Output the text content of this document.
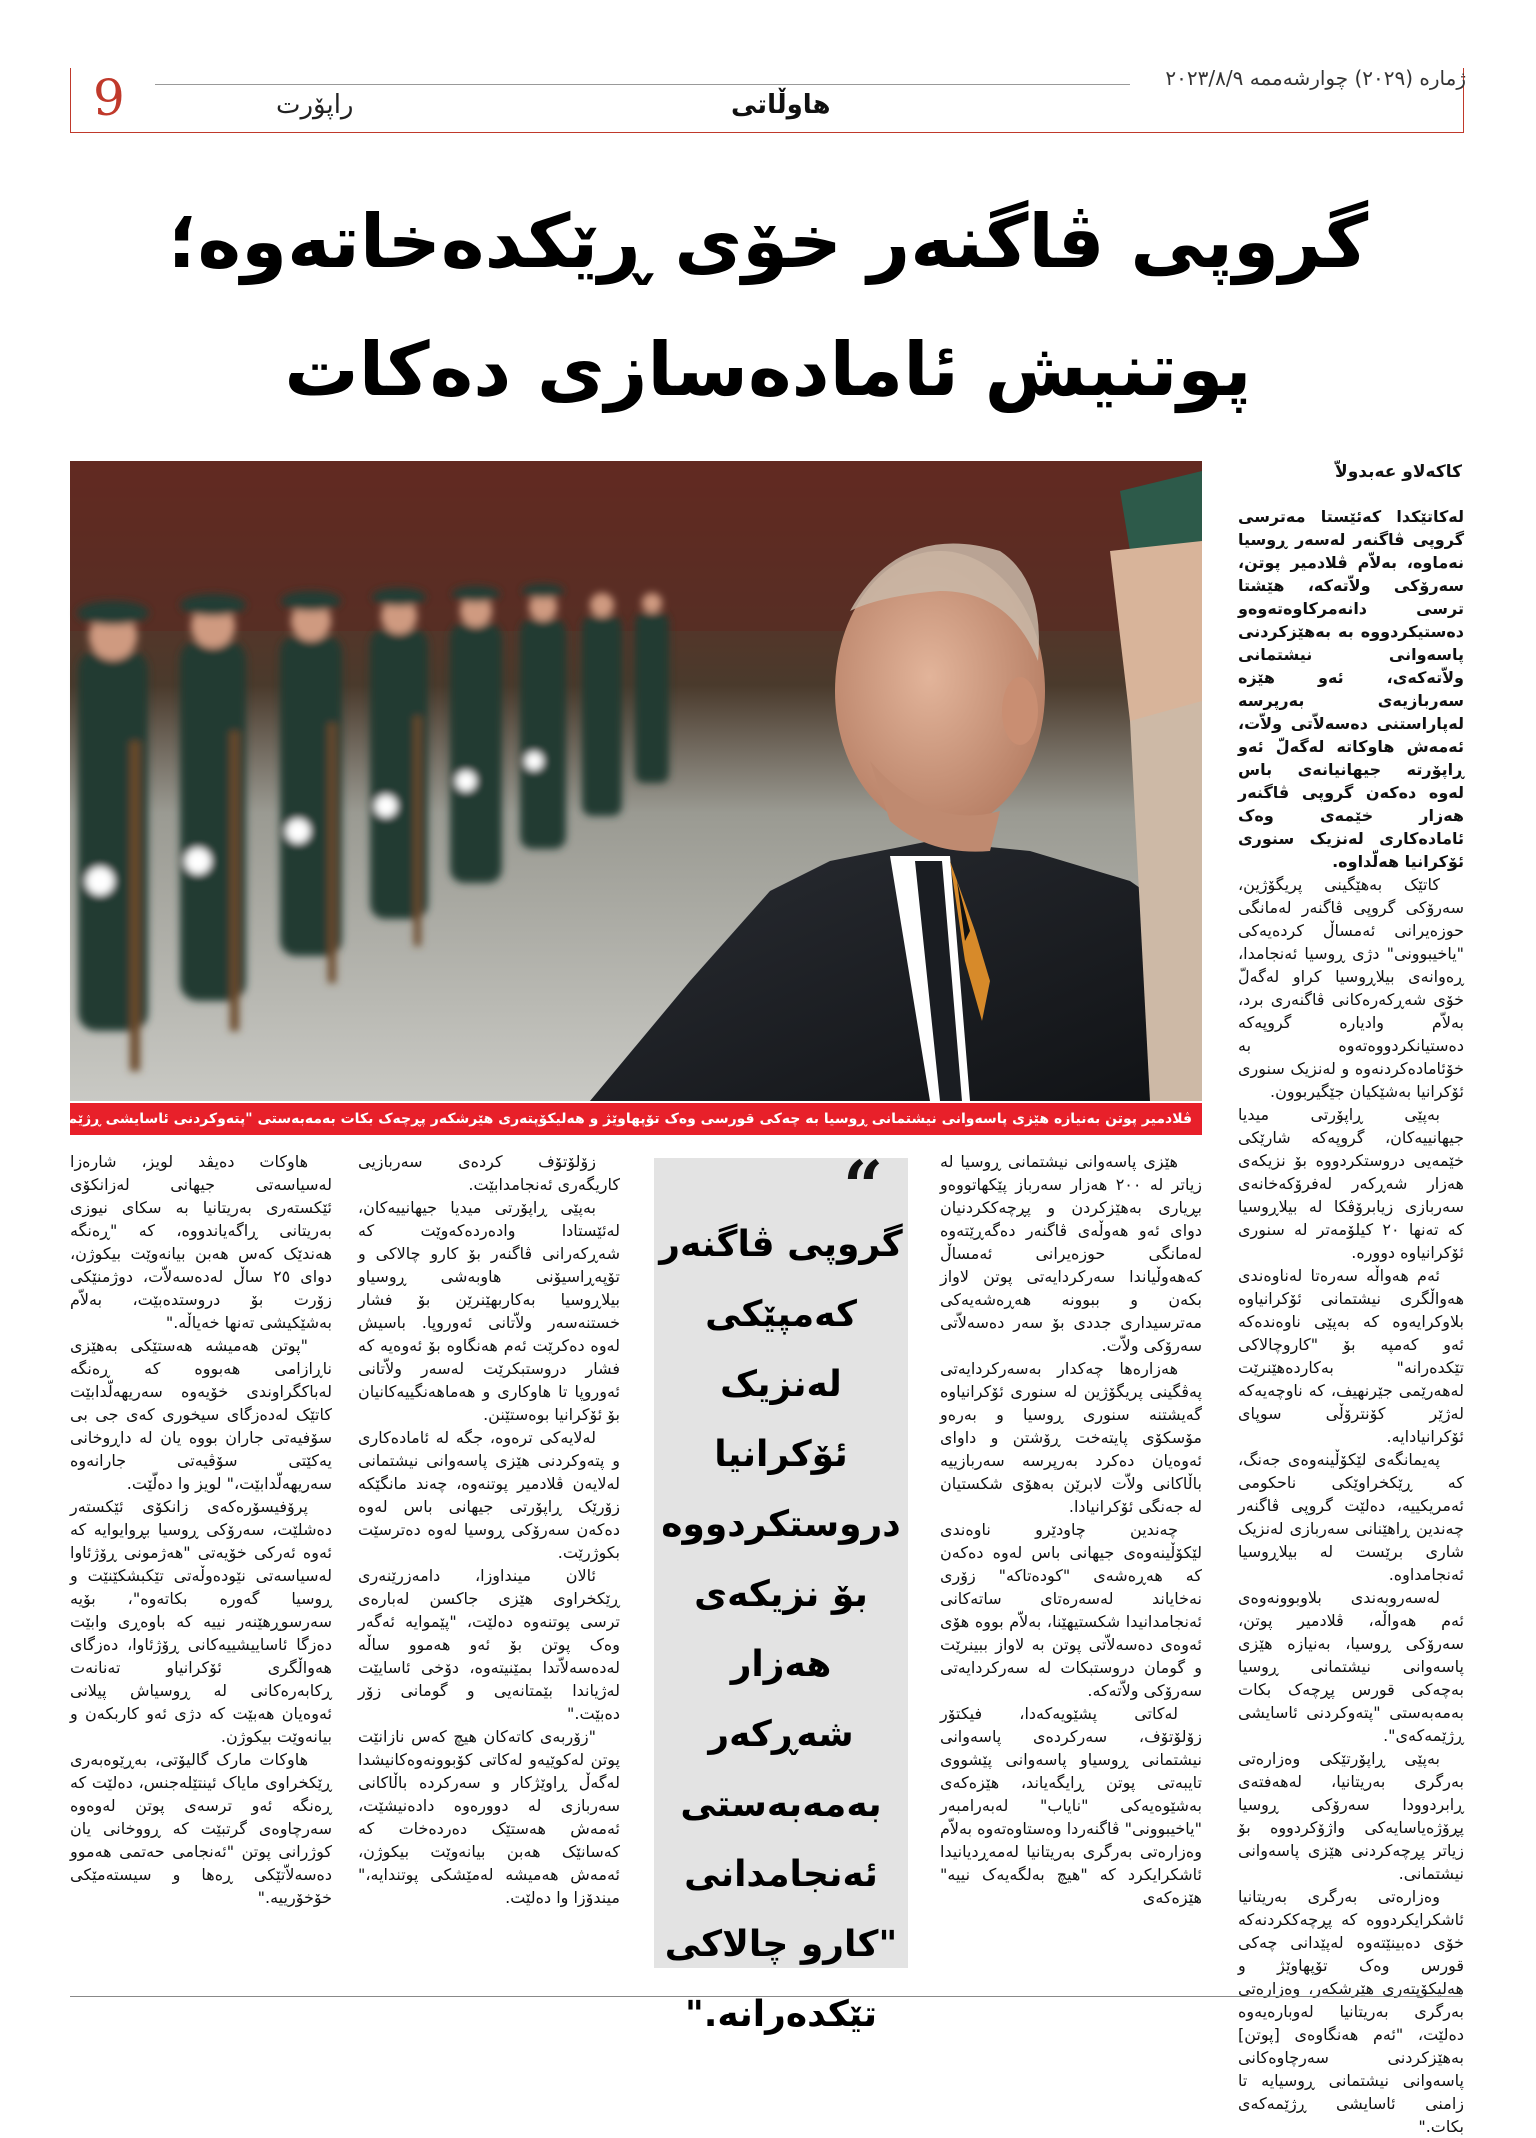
9	راپۆرت	هاوڵاتی
ژمارە (٢٠٢٩) چوارشەممە ٢٠٢٣/٨/٩
گروپی ڤاگنەر خۆی ڕێکدەخاتەوە؛
پوتنیش ئامادەسازی دەکات
ڤلادمیر پوتن بەنیازە هێزی پاسەوانی نیشتمانی ڕوسیا بە چەکی قورسی وەک تۆپهاوێژ و هەلیکۆپتەری هێرشکەر پڕچەک بکات بەمەبەستی "پتەوکردنی ئاسایشی ڕژێمەکەی"
کاکەلاو عەبدولاّ

لەکاتێکدا کەئێستا مەترسی گروپی ڤاگنەر لەسەر ڕوسیا نەماوە، بەلاّم ڤلادمیر پوتن، سەرۆکی ولاّتەکە، هێشتا ترسی دانەمرکاوەتەوەو دەستیکردووە بە بەهێزکردنی پاسەوانی نیشتمانی ولاّتەکەی، ئەو هێزە سەربازیەی بەرپرسە لەپاراستنی دەسەلاّتی ولاّت، ئەمەش هاوکاتە لەگەلّ ئەو ڕاپۆرتە جیهانیانەی باس لەوە دەکەن گروپی ڤاگنەر هەزار خێمەی وەک ئامادەکاری لەنزیک سنوری ئۆکرانیا هەلّداوە.

کاتێک بەهێگینی پریگۆژین، سەرۆکی گروپی ڤاگنەر لەمانگی حوزەیرانی ئەمساڵ کردەیەکی "یاخیبوونی" دژی ڕوسیا ئەنجامدا، ڕەوانەی بیلاڕوسیا کراو لەگەلّ خۆی شەڕکەرەکانی ڤاگنەری برد، بەلاّم وادیارە گروپەکە دەستیانکردووەتەوە بە خۆئامادەکردنەوە و لەنزیک سنوری ئۆکرانیا بەشێکیان جێگیربوون.

بەپێی ڕاپۆرتی میدیا جیهانییەکان، گروپەکە شارێکی خێمەیی دروستکردووە بۆ نزیکەی هەزار شەڕکەر لەفرۆکەخانەی سەربازی زیابرۆڤکا لە بیلاڕوسیا کە تەنها ٢٠ کیلۆمەتر لە سنوری ئۆکرانیاوە دوورە.

ئەم هەواڵە سەرەتا لەناوەندی هەواڵگری نیشتمانی ئۆکرانیاوە بلاوکرایەوە کە بەپێی ناوەندەکە ئەو کەمپە بۆ "کاروچالاکی تێکدەرانە" بەکاردەهێنرێت لەهەرێمی جێرنهیف، کە ناوچەیەکە لەژێر کۆنترۆڵی سوپای ئۆکرانیادایە.

پەیمانگەی لێکۆڵینەوەی جەنگ، کە ڕێکخراوێکی ناحکومی ئەمریکییە، دەلێت گروپی ڤاگنەر چەندین ڕاهێنانی سەربازی لەنزیک شاری برێست لە بیلاڕوسیا ئەنجامداوە.

لەسەروبەندی بلاوبوونەوەی ئەم هەواڵە، ڤلادمیر پوتن، سەرۆکی ڕوسیا، بەنیازە هێزی پاسەوانی نیشتمانی ڕوسیا بەچەکی قورس پڕچەک بکات بەمەبەستی "پتەوکردنی ئاسایشی ڕژێمەکەی".

بەپێی ڕاپۆرتێکی وەزارەتی بەرگری بەریتانیا، لەهەفتەی ڕابردوودا سەرۆکی ڕوسیا پڕۆژەیاسایەکی واژۆکردووە بۆ زیاتر پڕچەکردنی هێزی پاسەوانی نیشتمانی.

وەزارەتی بەرگری بەریتانیا ئاشکرایکردووە کە پڕچەککردنەکە خۆی دەبینێتەوە لەپێدانی چەکی قورس وەک تۆپهاوێژ و هەلیکۆپتەری هێرشکەر، وەزارەتی بەرگری بەریتانیا لەوبارەیەوە دەلێت، "ئەم هەنگاوەی [پوتن] بەهێزکردنی سەرچاوەکانی پاسەوانی نیشتمانی ڕوسیایە تا زامنی ئاسایشی ڕژێمەکەی بکات."

هێزی پاسەوانی نیشتمانی ڕوسیا لە زیاتر لە ٢٠٠ هەزار سەرباز پێکهاتووەو بڕیاری بەهێزکردن و پڕچەککردنیان دوای ئەو هەوڵەی ڤاگنەر دەگەڕێتەوە لەمانگی حوزەیرانی ئەمساڵ کەهەوڵیاندا سەرکردایەتی پوتن لاواز بکەن و ببوونە هەڕەشەیەکی مەترسیداری جددی بۆ سەر دەسەلاّتی سەرۆکی ولاّت.

هەزارەها چەکدار بەسەرکردایەتی پەڤگینی پریگۆژین لە سنوری ئۆکرانیاوە گەیشتنە سنوری ڕوسیا و بەرەو مۆسکۆی پایتەخت ڕۆشتن و داوای ئەوەیان دەکرد بەرپرسە سەربازییە باڵاکانی ولاّت لابرێن بەهۆی شکستیان لە جەنگی ئۆکرانیادا.

چەندین چاودێرو ناوەندی لێکۆڵینەوەی جیهانی باس لەوە دەکەن کە هەڕەشەی "کودەتاکە" زۆری نەخایاند لەسەرەتای ساتەکانی ئەنجامدانیدا شکستیهێنا، بەلاّم بووە هۆی ئەوەی دەسەلاّتی پوتن بە لاواز ببینرێت و گومان دروستبکات لە سەرکردایەتی سەرۆکی ولاّتەکە.

لەکاتی پشێویەکەدا، فیکتۆر زۆلۆتۆف، سەرکردەی پاسەوانی نیشتمانی ڕوسیاو پاسەوانی پێشووی تایبەتی پوتن ڕایگەیاند، هێزەکەی بەشێوەیەکی "نایاب" لەبەرامبەر "یاخیبوونی" ڤاگنەردا وەستاوەتەوە بەلاّم وەزارەتی بەرگری بەریتانیا لەمەڕدیانیدا ئاشکرایکرد کە "هیچ بەلگەیەک نییە" هێزەکەی

“
گروپی ڤاگنەر کەمپێکی لەنزیک ئۆکرانیا دروستکردووە بۆ نزیکەی هەزار شەڕکەر بەمەبەستی ئەنجامدانی "کارو چالاکی تێکدەرانە."

زۆلۆتۆف کردەی سەربازیی کاریگەری ئەنجامدابێت.

بەپێی ڕاپۆرتی میدیا جیهانییەکان، لەئێستادا وادەردەکەوێت کە شەڕکەرانی ڤاگنەر بۆ کارو چالاکی و تۆپەڕاسیۆنی هاوبەشی ڕوسیاو بیلاڕوسیا بەکاربهێنرێن بۆ فشار خستنەسەر ولاّتانی ئەوروپا. باسیش لەوە دەکرێت ئەم هەنگاوە بۆ ئەوەیە کە فشار دروستبکرێت لەسەر ولاّتانی ئەوروپا تا هاوکاری و هەماهەنگییەکانیان بۆ ئۆکرانیا بوەستێنن.

لەلایەکی ترەوە، جگە لە ئامادەکاری و پتەوکردنی هێزی پاسەوانی نیشتمانی لەلایەن ڤلادمیر پوتنەوە، چەند مانگێکە زۆرێک ڕاپۆرتی جیهانی باس لەوە دەکەن سەرۆکی ڕوسیا لەوە دەترسێت بکوژرێت.

ئالان مینداوزا، دامەزرێنەری ڕێکخراوی هێزی جاکسن لەبارەی ترسی پوتنەوە دەلێت، "پێموایە ئەگەر وەک پوتن بۆ ئەو هەموو ساڵە لەدەسەلاّتدا بمێنیتەوە، دۆخی ئاسایێت لەژیاندا بێمتانەیی و گومانی زۆر دەبێت."

"زۆربەی کاتەکان هیچ کەس نازانێت پوتن لەکوێیەو لەکاتی کۆبوونەوەکانیشدا لەگەڵ ڕاوێژکار و سەرکردە باڵاکانی سەربازی لە دوورەوە دادەنیشێت، ئەمەش هەستێک دەردەخات کە کەسانێک هەبن بیانەوێت بیکوژن، ئەمەش هەمیشە لەمێشکی پوتندایە،" میندۆزا وا دەلێت.

هاوکات دەیڤد لویز، شارەزا لەسیاسەتی جیهانی لەزانکۆی ئێکستەری بەریتانیا بە سکای نیوزی بەریتانی ڕاگەیاندووە، کە "ڕەنگە هەندێک کەس هەبن بیانەوێت بیکوژن، دوای ٢٥ ساڵ لەدەسەلاّت، دوژمنێکی زۆرت بۆ دروستدەبێت، بەلاّم بەشێکیشی تەنها خەیاڵە."

"پوتن هەمیشە هەستێکی بەهێزی ناڕازامی هەبووە کە ڕەنگە لەباکگراوندی خۆیەوە سەریهەلّدابێت کاتێک لەدەزگای سیخوری کەی جی بی سۆفیەتی جاران بووە یان لە داڕوخانی یەکێتی سۆڤیەتی جارانەوە سەریهەلّدابێت،" لویز وا دەلّێت.

پرۆفیسۆرەکەی زانکۆی ئێکستەر دەشلێت، سەرۆکی ڕوسیا بڕوایوایە کە ئەوە ئەرکی خۆیەتی "هەژمونی ڕۆژئاوا لەسیاسەتی نێودەوڵەتی تێکبشکێنێت و ڕوسیا گەورە بکاتەوە"، بۆیە سەرسوڕهێنەر نییە کە باوەڕی وابێت دەزگا ئاساییشییەکانی ڕۆژئاوا، دەزگای هەواڵگری ئۆکرانیاو تەنانەت ڕکابەرەکانی لە ڕوسیاش پیلانی ئەوەیان هەبێت کە دژی ئەو کاربکەن و بیانەوێت بیکوژن.

هاوکات مارک گالیۆتی، بەڕێوەبەری ڕێکخراوی مایاک ئینتێلەجنس، دەلێت کە ڕەنگە ئەو ترسەی پوتن لەوەوە سەرچاوەی گرتبێت کە ڕووخانی یان کوژرانی پوتن "ئەنجامی حەتمی هەموو دەسەلاّتێکی ڕەها و سیستەمێکی خۆخۆرییە."
